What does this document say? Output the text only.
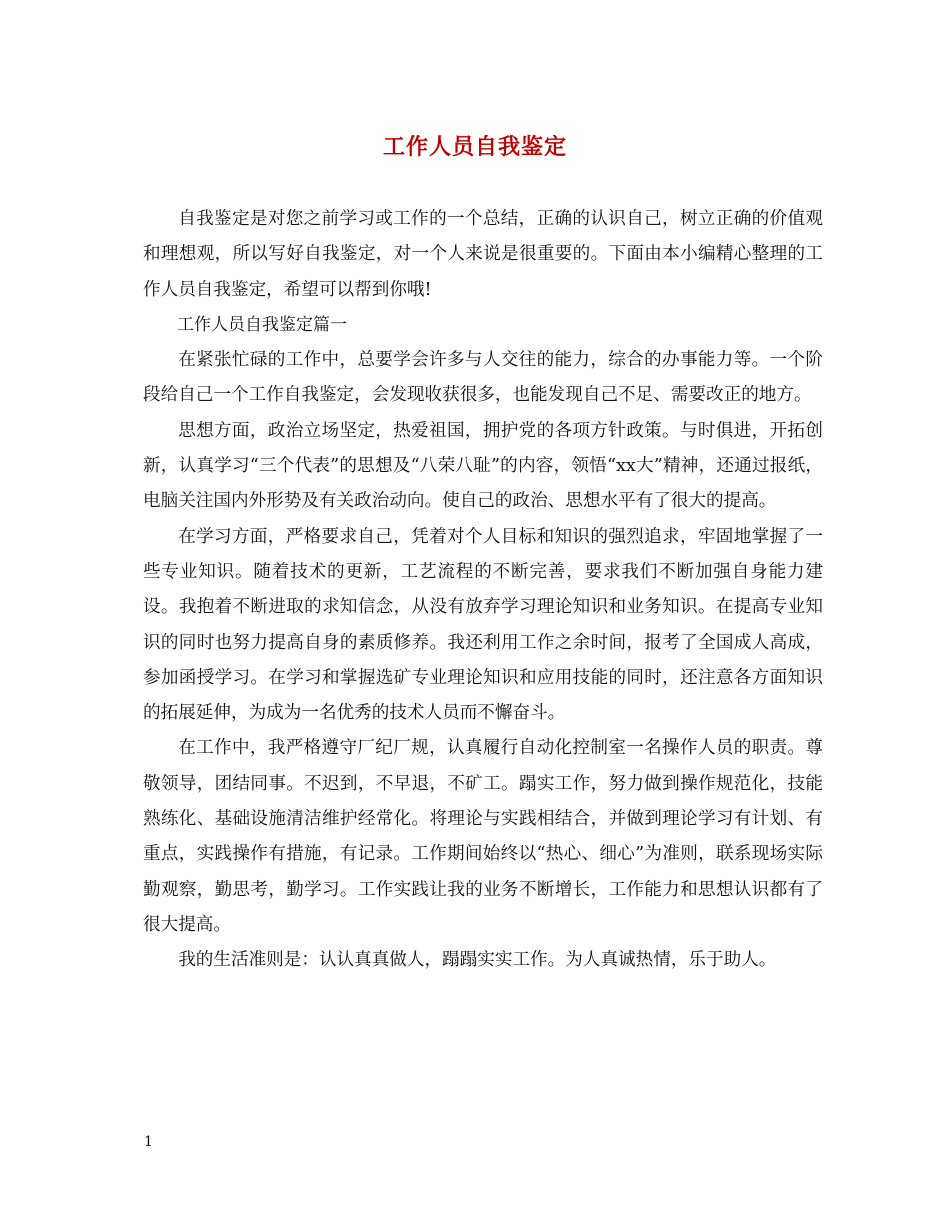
工作人员自我鉴定

自我鉴定是对您之前学习或工作的一个总结，正确的认识自己，树立正确的价值观和理想观，所以写好自我鉴定，对一个人来说是很重要的。下面由本小编精心整理的工作人员自我鉴定，希望可以帮到你哦!

工作人员自我鉴定篇一

在紧张忙碌的工作中，总要学会许多与人交往的能力，综合的办事能力等。一个阶段给自己一个工作自我鉴定，会发现收获很多，也能发现自己不足、需要改正的地方。

思想方面，政治立场坚定，热爱祖国，拥护党的各项方针政策。与时俱进，开拓创新，认真学习“三个代表”的思想及“八荣八耻”的内容，领悟“xx大”精神，还通过报纸，电脑关注国内外形势及有关政治动向。使自己的政治、思想水平有了很大的提高。

在学习方面，严格要求自己，凭着对个人目标和知识的强烈追求，牢固地掌握了一些专业知识。随着技术的更新，工艺流程的不断完善，要求我们不断加强自身能力建设。我抱着不断进取的求知信念，从没有放弃学习理论知识和业务知识。在提高专业知识的同时也努力提高自身的素质修养。我还利用工作之余时间，报考了全国成人高成，参加函授学习。在学习和掌握选矿专业理论知识和应用技能的同时，还注意各方面知识的拓展延伸，为成为一名优秀的技术人员而不懈奋斗。

在工作中，我严格遵守厂纪厂规，认真履行自动化控制室一名操作人员的职责。尊敬领导，团结同事。不迟到，不早退，不矿工。蹋实工作，努力做到操作规范化，技能熟练化、基础设施清洁维护经常化。将理论与实践相结合，并做到理论学习有计划、有重点，实践操作有措施，有记录。工作期间始终以“热心、细心”为准则，联系现场实际勤观察，勤思考，勤学习。工作实践让我的业务不断增长，工作能力和思想认识都有了很大提高。

我的生活准则是：认认真真做人，蹋蹋实实工作。为人真诚热情，乐于助人。

1
